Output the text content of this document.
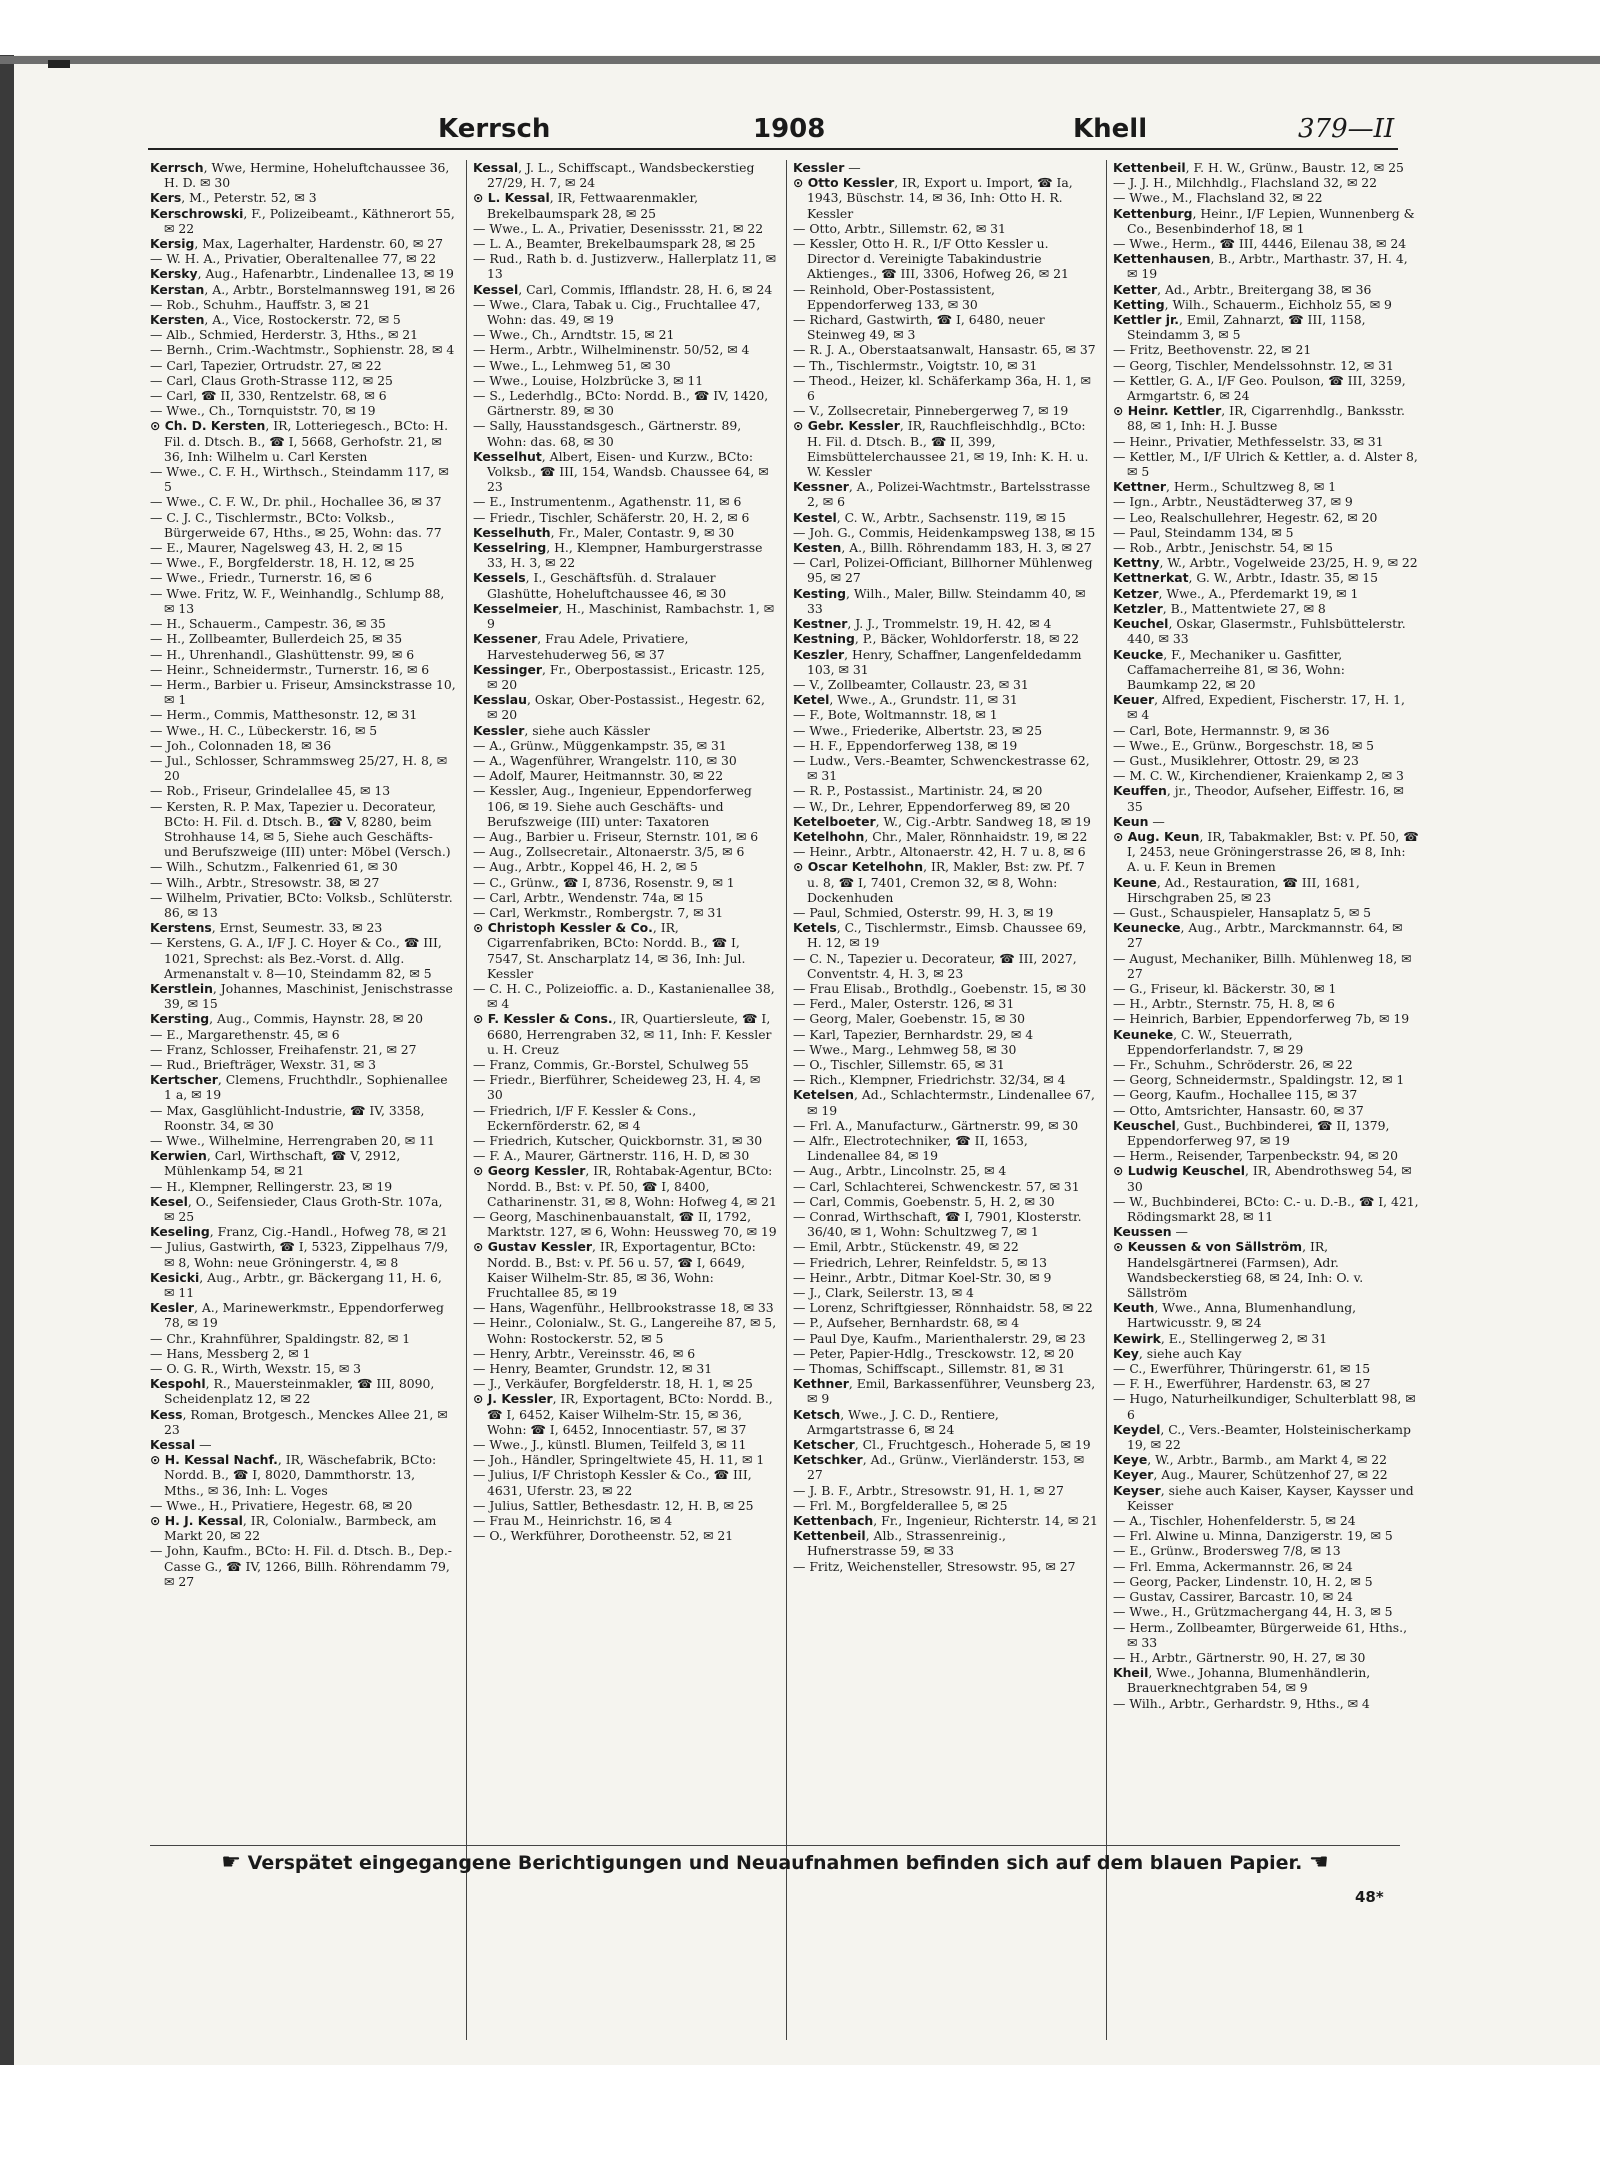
Kerrsch	1908	Khell	379—II

Kerrsch, Wwe, Hermine, Hoheluftchaussee 36, H. D. ✉ 30

Kers, M., Peterstr. 52, ✉ 3

Kerschrowski, F., Polizeibeamt., Käthnerort 55, ✉ 22

Kersig, Max, Lagerhalter, Hardenstr. 60, ✉ 27

— W. H. A., Privatier, Oberaltenallee 77, ✉ 22

Kersky, Aug., Hafenarbtr., Lindenallee 13, ✉ 19

Kerstan, A., Arbtr., Borstelmannsweg 191, ✉ 26

— Rob., Schuhm., Hauffstr. 3, ✉ 21

Kersten, A., Vice, Rostockerstr. 72, ✉ 5

— Alb., Schmied, Herderstr. 3, Hths., ✉ 21

— Bernh., Crim.-Wachtmstr., Sophienstr. 28, ✉ 4

— Carl, Tapezier, Ortrudstr. 27, ✉ 22

— Carl, Claus Groth-Strasse 112, ✉ 25

— Carl, ☎ II, 330, Rentzelstr. 68, ✉ 6

— Wwe., Ch., Tornquiststr. 70, ✉ 19

⊙ Ch. D. Kersten, IR, Lotteriegesch., BCto: H. Fil. d. Dtsch. B., ☎ I, 5668, Gerhofstr. 21, ✉ 36, Inh: Wilhelm u. Carl Kersten

— Wwe., C. F. H., Wirthsch., Steindamm 117, ✉ 5

— Wwe., C. F. W., Dr. phil., Hochallee 36, ✉ 37

— C. J. C., Tischlermstr., BCto: Volksb., Bürgerweide 67, Hths., ✉ 25, Wohn: das. 77

— E., Maurer, Nagelsweg 43, H. 2, ✉ 15

— Wwe., F., Borgfelderstr. 18, H. 12, ✉ 25

— Wwe., Friedr., Turnerstr. 16, ✉ 6

— Wwe. Fritz, W. F., Weinhandlg., Schlump 88, ✉ 13

— H., Schauerm., Campestr. 36, ✉ 35

— H., Zollbeamter, Bullerdeich 25, ✉ 35

— H., Uhrenhandl., Glashüttenstr. 99, ✉ 6

— Heinr., Schneidermstr., Turnerstr. 16, ✉ 6

— Herm., Barbier u. Friseur, Amsinckstrasse 10, ✉ 1

— Herm., Commis, Matthesonstr. 12, ✉ 31

— Wwe., H. C., Lübeckerstr. 16, ✉ 5

— Joh., Colonnaden 18, ✉ 36

— Jul., Schlosser, Schrammsweg 25/27, H. 8, ✉ 20

— Rob., Friseur, Grindelallee 45, ✉ 13

— Kersten, R. P. Max, Tapezier u. Decorateur, BCto: H. Fil. d. Dtsch. B., ☎ V, 8280, beim Strohhause 14, ✉ 5, Siehe auch Geschäfts- und Berufszweige (III) unter: Möbel (Versch.)

— Wilh., Schutzm., Falkenried 61, ✉ 30

— Wilh., Arbtr., Stresowstr. 38, ✉ 27

— Wilhelm, Privatier, BCto: Volksb., Schlüterstr. 86, ✉ 13

Kerstens, Ernst, Seumestr. 33, ✉ 23

— Kerstens, G. A., I/F J. C. Hoyer & Co., ☎ III, 1021, Sprechst: als Bez.-Vorst. d. Allg. Armenanstalt v. 8—10, Steindamm 82, ✉ 5

Kerstlein, Johannes, Maschinist, Jenischstrasse 39, ✉ 15

Kersting, Aug., Commis, Haynstr. 28, ✉ 20

— E., Margarethenstr. 45, ✉ 6

— Franz, Schlosser, Freihafenstr. 21, ✉ 27

— Rud., Briefträger, Wexstr. 31, ✉ 3

Kertscher, Clemens, Fruchthdlr., Sophienallee 1 a, ✉ 19

— Max, Gasglühlicht-Industrie, ☎ IV, 3358, Roonstr. 34, ✉ 30

— Wwe., Wilhelmine, Herrengraben 20, ✉ 11

Kerwien, Carl, Wirthschaft, ☎ V, 2912, Mühlenkamp 54, ✉ 21

— H., Klempner, Rellingerstr. 23, ✉ 19

Kesel, O., Seifensieder, Claus Groth-Str. 107a, ✉ 25

Keseling, Franz, Cig.-Handl., Hofweg 78, ✉ 21

— Julius, Gastwirth, ☎ I, 5323, Zippelhaus 7/9, ✉ 8, Wohn: neue Gröningerstr. 4, ✉ 8

Kesicki, Aug., Arbtr., gr. Bäckergang 11, H. 6, ✉ 11

Kesler, A., Marinewerkmstr., Eppendorferweg 78, ✉ 19

— Chr., Krahnführer, Spaldingstr. 82, ✉ 1

— Hans, Messberg 2, ✉ 1

— O. G. R., Wirth, Wexstr. 15, ✉ 3

Kespohl, R., Mauersteinmakler, ☎ III, 8090, Scheidenplatz 12, ✉ 22

Kess, Roman, Brotgesch., Menckes Allee 21, ✉ 23

Kessal —

⊙ H. Kessal Nachf., IR, Wäschefabrik, BCto: Nordd. B., ☎ I, 8020, Dammthorstr. 13, Mths., ✉ 36, Inh: L. Voges

— Wwe., H., Privatiere, Hegestr. 68, ✉ 20

⊙ H. J. Kessal, IR, Colonialw., Barmbeck, am Markt 20, ✉ 22

— John, Kaufm., BCto: H. Fil. d. Dtsch. B., Dep.-Casse G., ☎ IV, 1266, Billh. Röhrendamm 79, ✉ 27

Kessal, J. L., Schiffscapt., Wandsbeckerstieg 27/29, H. 7, ✉ 24

⊙ L. Kessal, IR, Fettwaarenmakler, Brekelbaumspark 28, ✉ 25

— Wwe., L. A., Privatier, Desenissstr. 21, ✉ 22

— L. A., Beamter, Brekelbaumspark 28, ✉ 25

— Rud., Rath b. d. Justizverw., Hallerplatz 11, ✉ 13

Kessel, Carl, Commis, Ifflandstr. 28, H. 6, ✉ 24

— Wwe., Clara, Tabak u. Cig., Fruchtallee 47, Wohn: das. 49, ✉ 19

— Wwe., Ch., Arndtstr. 15, ✉ 21

— Herm., Arbtr., Wilhelminenstr. 50/52, ✉ 4

— Wwe., L., Lehmweg 51, ✉ 30

— Wwe., Louise, Holzbrücke 3, ✉ 11

— S., Lederhdlg., BCto: Nordd. B., ☎ IV, 1420, Gärtnerstr. 89, ✉ 30

— Sally, Hausstandsgesch., Gärtnerstr. 89, Wohn: das. 68, ✉ 30

Kesselhut, Albert, Eisen- und Kurzw., BCto: Volksb., ☎ III, 154, Wandsb. Chaussee 64, ✉ 23

— E., Instrumentenm., Agathenstr. 11, ✉ 6

— Friedr., Tischler, Schäferstr. 20, H. 2, ✉ 6

Kesselhuth, Fr., Maler, Contastr. 9, ✉ 30

Kesselring, H., Klempner, Hamburgerstrasse 33, H. 3, ✉ 22

Kessels, I., Geschäftsfüh. d. Stralauer Glashütte, Hoheluftchaussee 46, ✉ 30

Kesselmeier, H., Maschinist, Rambachstr. 1, ✉ 9

Kessener, Frau Adele, Privatiere, Harvestehuderweg 56, ✉ 37

Kessinger, Fr., Oberpostassist., Ericastr. 125, ✉ 20

Kesslau, Oskar, Ober-Postassist., Hegestr. 62, ✉ 20

Kessler, siehe auch Kässler

— A., Grünw., Müggenkampstr. 35, ✉ 31

— A., Wagenführer, Wrangelstr. 110, ✉ 30

— Adolf, Maurer, Heitmannstr. 30, ✉ 22

— Kessler, Aug., Ingenieur, Eppendorferweg 106, ✉ 19. Siehe auch Geschäfts- und Berufszweige (III) unter: Taxatoren

— Aug., Barbier u. Friseur, Sternstr. 101, ✉ 6

— Aug., Zollsecretair., Altonaerstr. 3/5, ✉ 6

— Aug., Arbtr., Koppel 46, H. 2, ✉ 5

— C., Grünw., ☎ I, 8736, Rosenstr. 9, ✉ 1

— Carl, Arbtr., Wendenstr. 74a, ✉ 15

— Carl, Werkmstr., Rombergstr. 7, ✉ 31

⊙ Christoph Kessler & Co., IR, Cigarrenfabriken, BCto: Nordd. B., ☎ I, 7547, St. Anscharplatz 14, ✉ 36, Inh: Jul. Kessler

— C. H. C., Polizeioffic. a. D., Kastanienallee 38, ✉ 4

⊙ F. Kessler & Cons., IR, Quartiersleute, ☎ I, 6680, Herrengraben 32, ✉ 11, Inh: F. Kessler u. H. Creuz

— Franz, Commis, Gr.-Borstel, Schulweg 55

— Friedr., Bierführer, Scheideweg 23, H. 4, ✉ 30

— Friedrich, I/F F. Kessler & Cons., Eckernförderstr. 62, ✉ 4

— Friedrich, Kutscher, Quickbornstr. 31, ✉ 30

— F. A., Maurer, Gärtnerstr. 116, H. D, ✉ 30

⊙ Georg Kessler, IR, Rohtabak-Agentur, BCto: Nordd. B., Bst: v. Pf. 50, ☎ I, 8400, Catharinenstr. 31, ✉ 8, Wohn: Hofweg 4, ✉ 21

— Georg, Maschinenbauanstalt, ☎ II, 1792, Marktstr. 127, ✉ 6, Wohn: Heussweg 70, ✉ 19

⊙ Gustav Kessler, IR, Exportagentur, BCto: Nordd. B., Bst: v. Pf. 56 u. 57, ☎ I, 6649, Kaiser Wilhelm-Str. 85, ✉ 36, Wohn: Fruchtallee 85, ✉ 19

— Hans, Wagenführ., Hellbrookstrasse 18, ✉ 33

— Heinr., Colonialw., St. G., Langereihe 87, ✉ 5, Wohn: Rostockerstr. 52, ✉ 5

— Henry, Arbtr., Vereinsstr. 46, ✉ 6

— Henry, Beamter, Grundstr. 12, ✉ 31

— J., Verkäufer, Borgfelderstr. 18, H. 1, ✉ 25

⊙ J. Kessler, IR, Exportagent, BCto: Nordd. B., ☎ I, 6452, Kaiser Wilhelm-Str. 15, ✉ 36, Wohn: ☎ I, 6452, Innocentiastr. 57, ✉ 37

— Wwe., J., künstl. Blumen, Teilfeld 3, ✉ 11

— Joh., Händler, Springeltwiete 45, H. 11, ✉ 1

— Julius, I/F Christoph Kessler & Co., ☎ III, 4631, Uferstr. 23, ✉ 22

— Julius, Sattler, Bethesdastr. 12, H. B, ✉ 25

— Frau M., Heinrichstr. 16, ✉ 4

— O., Werkführer, Dorotheenstr. 52, ✉ 21

Kessler —

⊙ Otto Kessler, IR, Export u. Import, ☎ Ia, 1943, Büschstr. 14, ✉ 36, Inh: Otto H. R. Kessler

— Otto, Arbtr., Sillemstr. 62, ✉ 31

— Kessler, Otto H. R., I/F Otto Kessler u. Director d. Vereinigte Tabakindustrie Aktienges., ☎ III, 3306, Hofweg 26, ✉ 21

— Reinhold, Ober-Postassistent, Eppendorferweg 133, ✉ 30

— Richard, Gastwirth, ☎ I, 6480, neuer Steinweg 49, ✉ 3

— R. J. A., Oberstaatsanwalt, Hansastr. 65, ✉ 37

— Th., Tischlermstr., Voigtstr. 10, ✉ 31

— Theod., Heizer, kl. Schäferkamp 36a, H. 1, ✉ 6

— V., Zollsecretair, Pinnebergerweg 7, ✉ 19

⊙ Gebr. Kessler, IR, Rauchfleischhdlg., BCto: H. Fil. d. Dtsch. B., ☎ II, 399, Eimsbüttelerchaussee 21, ✉ 19, Inh: K. H. u. W. Kessler

Kessner, A., Polizei-Wachtmstr., Bartelsstrasse 2, ✉ 6

Kestel, C. W., Arbtr., Sachsenstr. 119, ✉ 15

— Joh. G., Commis, Heidenkampsweg 138, ✉ 15

Kesten, A., Billh. Röhrendamm 183, H. 3, ✉ 27

— Carl, Polizei-Officiant, Billhorner Mühlenweg 95, ✉ 27

Kesting, Wilh., Maler, Billw. Steindamm 40, ✉ 33

Kestner, J. J., Trommelstr. 19, H. 42, ✉ 4

Kestning, P., Bäcker, Wohldorferstr. 18, ✉ 22

Keszler, Henry, Schaffner, Langenfeldedamm 103, ✉ 31

— V., Zollbeamter, Collaustr. 23, ✉ 31

Ketel, Wwe., A., Grundstr. 11, ✉ 31

— F., Bote, Woltmannstr. 18, ✉ 1

— Wwe., Friederike, Albertstr. 23, ✉ 25

— H. F., Eppendorferweg 138, ✉ 19

— Ludw., Vers.-Beamter, Schwenckestrasse 62, ✉ 31

— R. P., Postassist., Martinistr. 24, ✉ 20

— W., Dr., Lehrer, Eppendorferweg 89, ✉ 20

Ketelboeter, W., Cig.-Arbtr. Sandweg 18, ✉ 19

Ketelhohn, Chr., Maler, Rönnhaidstr. 19, ✉ 22

— Heinr., Arbtr., Altonaerstr. 42, H. 7 u. 8, ✉ 6

⊙ Oscar Ketelhohn, IR, Makler, Bst: zw. Pf. 7 u. 8, ☎ I, 7401, Cremon 32, ✉ 8, Wohn: Dockenhuden

— Paul, Schmied, Osterstr. 99, H. 3, ✉ 19

Ketels, C., Tischlermstr., Eimsb. Chaussee 69, H. 12, ✉ 19

— C. N., Tapezier u. Decorateur, ☎ III, 2027, Conventstr. 4, H. 3, ✉ 23

— Frau Elisab., Brothdlg., Goebenstr. 15, ✉ 30

— Ferd., Maler, Osterstr. 126, ✉ 31

— Georg, Maler, Goebenstr. 15, ✉ 30

— Karl, Tapezier, Bernhardstr. 29, ✉ 4

— Wwe., Marg., Lehmweg 58, ✉ 30

— O., Tischler, Sillemstr. 65, ✉ 31

— Rich., Klempner, Friedrichstr. 32/34, ✉ 4

Ketelsen, Ad., Schlachtermstr., Lindenallee 67, ✉ 19

— Frl. A., Manufacturw., Gärtnerstr. 99, ✉ 30

— Alfr., Electrotechniker, ☎ II, 1653, Lindenallee 84, ✉ 19

— Aug., Arbtr., Lincolnstr. 25, ✉ 4

— Carl, Schlachterei, Schwenckestr. 57, ✉ 31

— Carl, Commis, Goebenstr. 5, H. 2, ✉ 30

— Conrad, Wirthschaft, ☎ I, 7901, Klosterstr. 36/40, ✉ 1, Wohn: Schultzweg 7, ✉ 1

— Emil, Arbtr., Stückenstr. 49, ✉ 22

— Friedrich, Lehrer, Reinfeldstr. 5, ✉ 13

— Heinr., Arbtr., Ditmar Koel-Str. 30, ✉ 9

— J., Clark, Seilerstr. 13, ✉ 4

— Lorenz, Schriftgiesser, Rönnhaidstr. 58, ✉ 22

— P., Aufseher, Bernhardstr. 68, ✉ 4

— Paul Dye, Kaufm., Marienthalerstr. 29, ✉ 23

— Peter, Papier-Hdlg., Tresckowstr. 12, ✉ 20

— Thomas, Schiffscapt., Sillemstr. 81, ✉ 31

Kethner, Emil, Barkassenführer, Veunsberg 23, ✉ 9

Ketsch, Wwe., J. C. D., Rentiere, Armgartstrasse 6, ✉ 24

Ketscher, Cl., Fruchtgesch., Hoherade 5, ✉ 19

Ketschker, Ad., Grünw., Vierländerstr. 153, ✉ 27

— J. B. F., Arbtr., Stresowstr. 91, H. 1, ✉ 27

— Frl. M., Borgfelderallee 5, ✉ 25

Kettenbach, Fr., Ingenieur, Richterstr. 14, ✉ 21

Kettenbeil, Alb., Strassenreinig., Hufnerstrasse 59, ✉ 33

— Fritz, Weichensteller, Stresowstr. 95, ✉ 27

Kettenbeil, F. H. W., Grünw., Baustr. 12, ✉ 25

— J. J. H., Milchhdlg., Flachsland 32, ✉ 22

— Wwe., M., Flachsland 32, ✉ 22

Kettenburg, Heinr., I/F Lepien, Wunnenberg & Co., Besenbinderhof 18, ✉ 1

— Wwe., Herm., ☎ III, 4446, Eilenau 38, ✉ 24

Kettenhausen, B., Arbtr., Marthastr. 37, H. 4, ✉ 19

Ketter, Ad., Arbtr., Breitergang 38, ✉ 36

Ketting, Wilh., Schauerm., Eichholz 55, ✉ 9

Kettler jr., Emil, Zahnarzt, ☎ III, 1158, Steindamm 3, ✉ 5

— Fritz, Beethovenstr. 22, ✉ 21

— Georg, Tischler, Mendelssohnstr. 12, ✉ 31

— Kettler, G. A., I/F Geo. Poulson, ☎ III, 3259, Armgartstr. 6, ✉ 24

⊙ Heinr. Kettler, IR, Cigarrenhdlg., Banksstr. 88, ✉ 1, Inh: H. J. Busse

— Heinr., Privatier, Methfesselstr. 33, ✉ 31

— Kettler, M., I/F Ulrich & Kettler, a. d. Alster 8, ✉ 5

Kettner, Herm., Schultzweg 8, ✉ 1

— Ign., Arbtr., Neustädterweg 37, ✉ 9

— Leo, Realschullehrer, Hegestr. 62, ✉ 20

— Paul, Steindamm 134, ✉ 5

— Rob., Arbtr., Jenischstr. 54, ✉ 15

Kettny, W., Arbtr., Vogelweide 23/25, H. 9, ✉ 22

Kettnerkat, G. W., Arbtr., Idastr. 35, ✉ 15

Ketzer, Wwe., A., Pferdemarkt 19, ✉ 1

Ketzler, B., Mattentwiete 27, ✉ 8

Keuchel, Oskar, Glasermstr., Fuhlsbüttelerstr. 440, ✉ 33

Keucke, F., Mechaniker u. Gasfitter, Caffamacherreihe 81, ✉ 36, Wohn: Baumkamp 22, ✉ 20

Keuer, Alfred, Expedient, Fischerstr. 17, H. 1, ✉ 4

— Carl, Bote, Hermannstr. 9, ✉ 36

— Wwe., E., Grünw., Borgeschstr. 18, ✉ 5

— Gust., Musiklehrer, Ottostr. 29, ✉ 23

— M. C. W., Kirchendiener, Kraienkamp 2, ✉ 3

Keuffen, jr., Theodor, Aufseher, Eiffestr. 16, ✉ 35

Keun —

⊙ Aug. Keun, IR, Tabakmakler, Bst: v. Pf. 50, ☎ I, 2453, neue Gröningerstrasse 26, ✉ 8, Inh: A. u. F. Keun in Bremen

Keune, Ad., Restauration, ☎ III, 1681, Hirschgraben 25, ✉ 23

— Gust., Schauspieler, Hansaplatz 5, ✉ 5

Keunecke, Aug., Arbtr., Marckmannstr. 64, ✉ 27

— August, Mechaniker, Billh. Mühlenweg 18, ✉ 27

— G., Friseur, kl. Bäckerstr. 30, ✉ 1

— H., Arbtr., Sternstr. 75, H. 8, ✉ 6

— Heinrich, Barbier, Eppendorferweg 7b, ✉ 19

Keuneke, C. W., Steuerrath, Eppendorferlandstr. 7, ✉ 29

— Fr., Schuhm., Schröderstr. 26, ✉ 22

— Georg, Schneidermstr., Spaldingstr. 12, ✉ 1

— Georg, Kaufm., Hochallee 115, ✉ 37

— Otto, Amtsrichter, Hansastr. 60, ✉ 37

Keuschel, Gust., Buchbinderei, ☎ II, 1379, Eppendorferweg 97, ✉ 19

— Herm., Reisender, Tarpenbeckstr. 94, ✉ 20

⊙ Ludwig Keuschel, IR, Abendrothsweg 54, ✉ 30

— W., Buchbinderei, BCto: C.- u. D.-B., ☎ I, 421, Rödingsmarkt 28, ✉ 11

Keussen —

⊙ Keussen & von Sällström, IR, Handelsgärtnerei (Farmsen), Adr. Wandsbeckerstieg 68, ✉ 24, Inh: O. v. Sällström

Keuth, Wwe., Anna, Blumenhandlung, Hartwicusstr. 9, ✉ 24

Kewirk, E., Stellingerweg 2, ✉ 31

Key, siehe auch Kay

— C., Ewerführer, Thüringerstr. 61, ✉ 15

— F. H., Ewerführer, Hardenstr. 63, ✉ 27

— Hugo, Naturheilkundiger, Schulterblatt 98, ✉ 6

Keydel, C., Vers.-Beamter, Holsteinischerkamp 19, ✉ 22

Keye, W., Arbtr., Barmb., am Markt 4, ✉ 22

Keyer, Aug., Maurer, Schützenhof 27, ✉ 22

Keyser, siehe auch Kaiser, Kayser, Kaysser und Keisser

— A., Tischler, Hohenfelderstr. 5, ✉ 24

— Frl. Alwine u. Minna, Danzigerstr. 19, ✉ 5

— E., Grünw., Brodersweg 7/8, ✉ 13

— Frl. Emma, Ackermannstr. 26, ✉ 24

— Georg, Packer, Lindenstr. 10, H. 2, ✉ 5

— Gustav, Cassirer, Barcastr. 10, ✉ 24

— Wwe., H., Grützmachergang 44, H. 3, ✉ 5

— Herm., Zollbeamter, Bürgerweide 61, Hths., ✉ 33

— H., Arbtr., Gärtnerstr. 90, H. 27, ✉ 30

Kheil, Wwe., Johanna, Blumenhändlerin, Brauerknechtgraben 54, ✉ 9

— Wilh., Arbtr., Gerhardstr. 9, Hths., ✉ 4

☛ Verspätet eingegangene Berichtigungen und Neuaufnahmen befinden sich auf dem blauen Papier. ☚
48*
